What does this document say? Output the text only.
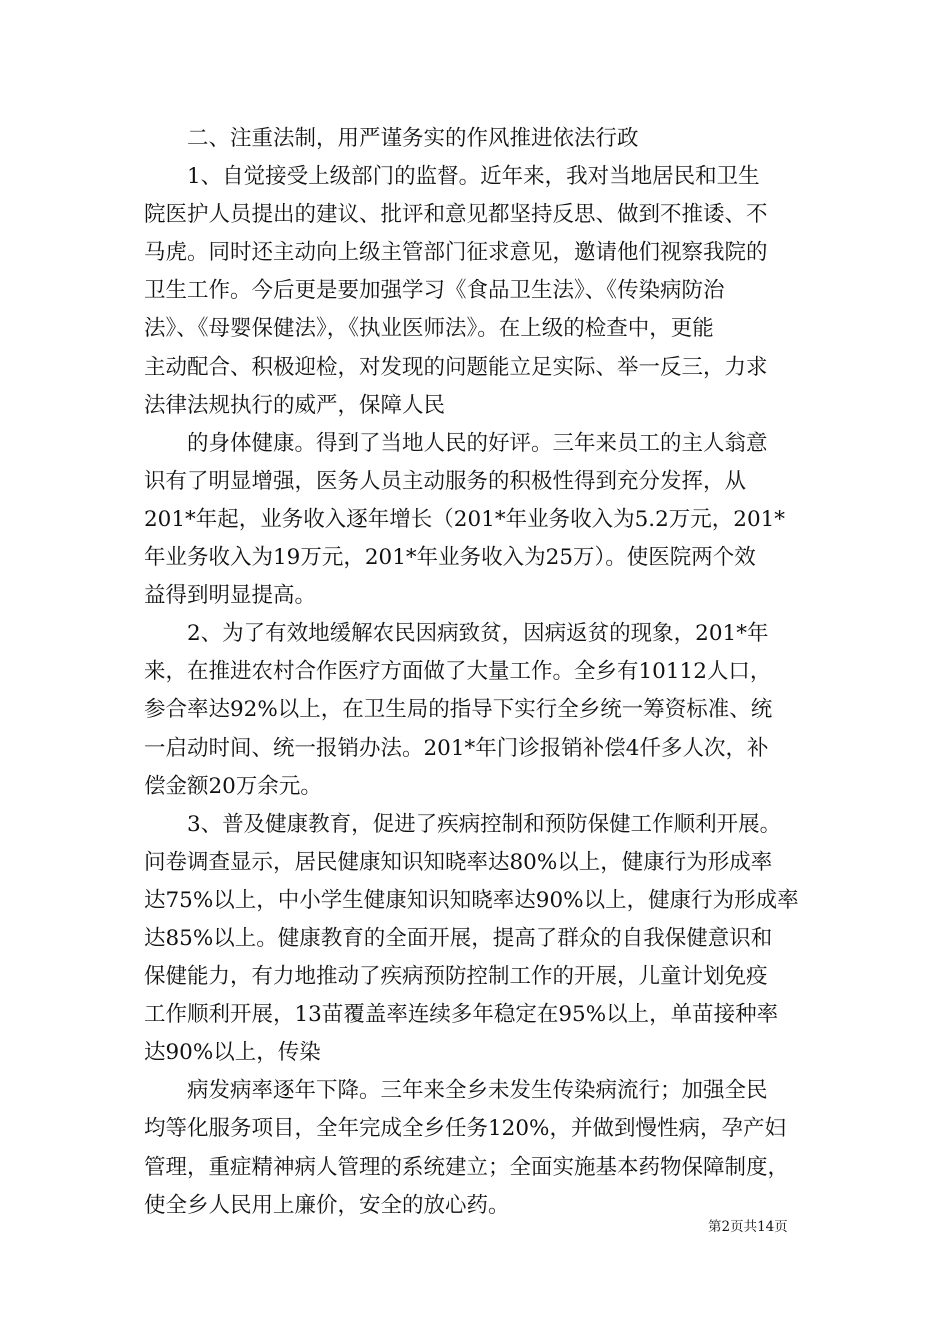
二、注重法制，用严谨务实的作风推进依法行政
1、自觉接受上级部门的监督。近年来，我对当地居民和卫生
院医护人员提出的建议、批评和意见都坚持反思、做到不推诿、不
马虎。同时还主动向上级主管部门征求意见，邀请他们视察我院的
卫生工作。今后更是要加强学习《食品卫生法》、《传染病防治
法》、《母婴保健法》，《执业医师法》。在上级的检查中，更能
主动配合、积极迎检，对发现的问题能立足实际、举一反三，力求
法律法规执行的威严，保障人民
的身体健康。得到了当地人民的好评。三年来员工的主人翁意
识有了明显增强，医务人员主动服务的积极性得到充分发挥，从
201*年起，业务收入逐年增长（201*年业务收入为5.2万元，201*
年业务收入为19万元，201*年业务收入为25万）。使医院两个效
益得到明显提高。
2、为了有效地缓解农民因病致贫，因病返贫的现象，201*年
来，在推进农村合作医疗方面做了大量工作。全乡有10112人口，
参合率达92%以上，在卫生局的指导下实行全乡统一筹资标准、统
一启动时间、统一报销办法。201*年门诊报销补偿4仟多人次，补
偿金额20万余元。
3、普及健康教育，促进了疾病控制和预防保健工作顺利开展。
问卷调查显示，居民健康知识知晓率达80%以上，健康行为形成率
达75%以上，中小学生健康知识知晓率达90%以上，健康行为形成率
达85%以上。健康教育的全面开展，提高了群众的自我保健意识和
保健能力，有力地推动了疾病预防控制工作的开展，儿童计划免疫
工作顺利开展，13苗覆盖率连续多年稳定在95%以上，单苗接种率
达90%以上，传染
病发病率逐年下降。三年来全乡未发生传染病流行；加强全民
均等化服务项目，全年完成全乡任务120%，并做到慢性病，孕产妇
管理，重症精神病人管理的系统建立；全面实施基本药物保障制度，
使全乡人民用上廉价，安全的放心药。
第2页共14页
